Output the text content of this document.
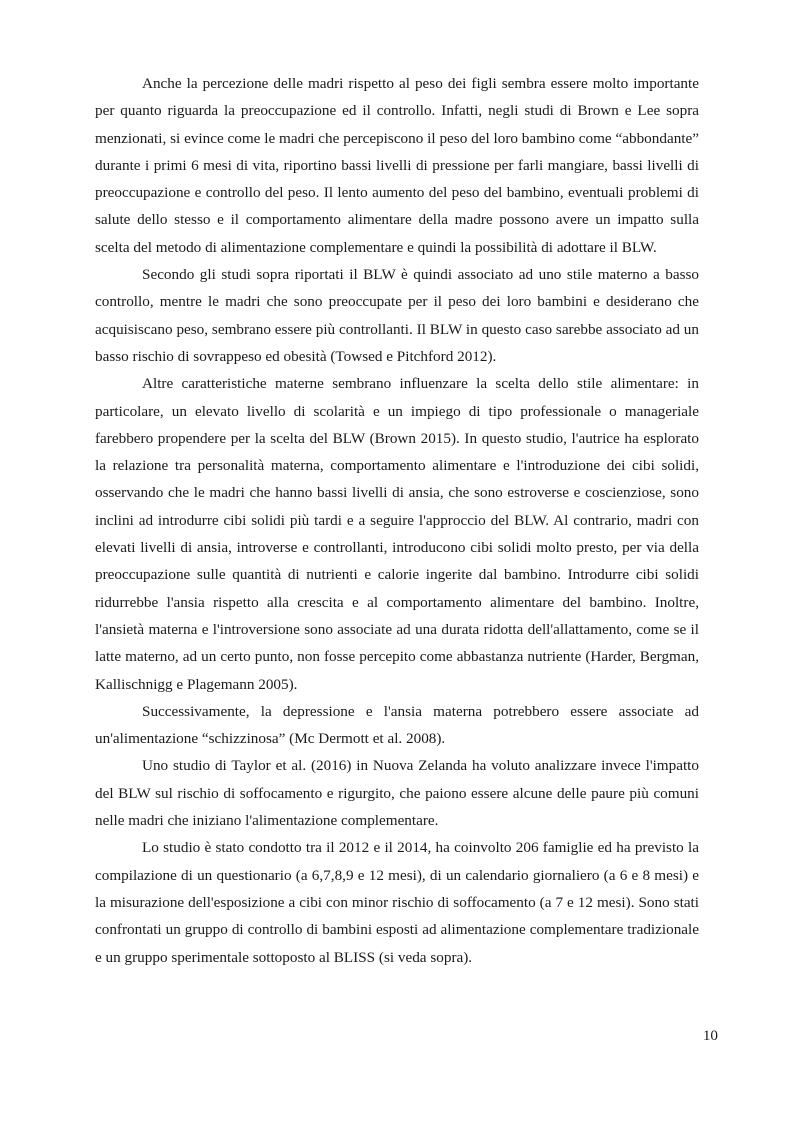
Anche la percezione delle madri rispetto al peso dei figli sembra essere molto importante per quanto riguarda la preoccupazione ed il controllo. Infatti, negli studi di Brown e Lee sopra menzionati, si evince come le madri che percepiscono il peso del loro bambino come “abbondante” durante i primi 6 mesi di vita, riportino bassi livelli di pressione per farli mangiare, bassi livelli di preoccupazione e controllo del peso. Il lento aumento del peso del bambino, eventuali problemi di salute dello stesso e il comportamento alimentare della madre possono avere un impatto sulla scelta del metodo di alimentazione complementare e quindi la possibilità di adottare il BLW.

Secondo gli studi sopra riportati il BLW è quindi associato ad uno stile materno a basso controllo, mentre le madri che sono preoccupate per il peso dei loro bambini e desiderano che acquisiscano peso, sembrano essere più controllanti. Il BLW in questo caso sarebbe associato ad un basso rischio di sovrappeso ed obesità (Towsed e Pitchford 2012).

Altre caratteristiche materne sembrano influenzare la scelta dello stile alimentare: in particolare, un elevato livello di scolarità e un impiego di tipo professionale o manageriale farebbero propendere per la scelta del BLW (Brown 2015). In questo studio, l'autrice ha esplorato la relazione tra personalità materna, comportamento alimentare e l'introduzione dei cibi solidi, osservando che le madri che hanno bassi livelli di ansia, che sono estroverse e coscienziose, sono inclini ad introdurre cibi solidi più tardi e a seguire l'approccio del BLW. Al contrario, madri con elevati livelli di ansia, introverse e controllanti, introducono cibi solidi molto presto, per via della preoccupazione sulle quantità di nutrienti e calorie ingerite dal bambino. Introdurre cibi solidi ridurrebbe l'ansia rispetto alla crescita e al comportamento alimentare del bambino. Inoltre, l'ansietà materna e l'introversione sono associate ad una durata ridotta dell'allattamento, come se il latte materno, ad un certo punto, non fosse percepito come abbastanza nutriente (Harder, Bergman, Kallischnigg e Plagemann 2005).

Successivamente, la depressione e l'ansia materna potrebbero essere associate ad un'alimentazione “schizzinosa” (Mc Dermott et al. 2008).

Uno studio di Taylor et al. (2016) in Nuova Zelanda ha voluto analizzare invece l'impatto del BLW sul rischio di soffocamento e rigurgito, che paiono essere alcune delle paure più comuni nelle madri che iniziano l'alimentazione complementare.

Lo studio è stato condotto tra il 2012 e il 2014, ha coinvolto 206 famiglie ed ha previsto la compilazione di un questionario (a 6,7,8,9 e 12 mesi), di un calendario giornaliero (a 6 e 8 mesi) e la misurazione dell'esposizione a cibi con minor rischio di soffocamento (a 7 e 12 mesi). Sono stati confrontati un gruppo di controllo di bambini esposti ad alimentazione complementare tradizionale e un gruppo sperimentale sottoposto al BLISS (si veda sopra).

10
